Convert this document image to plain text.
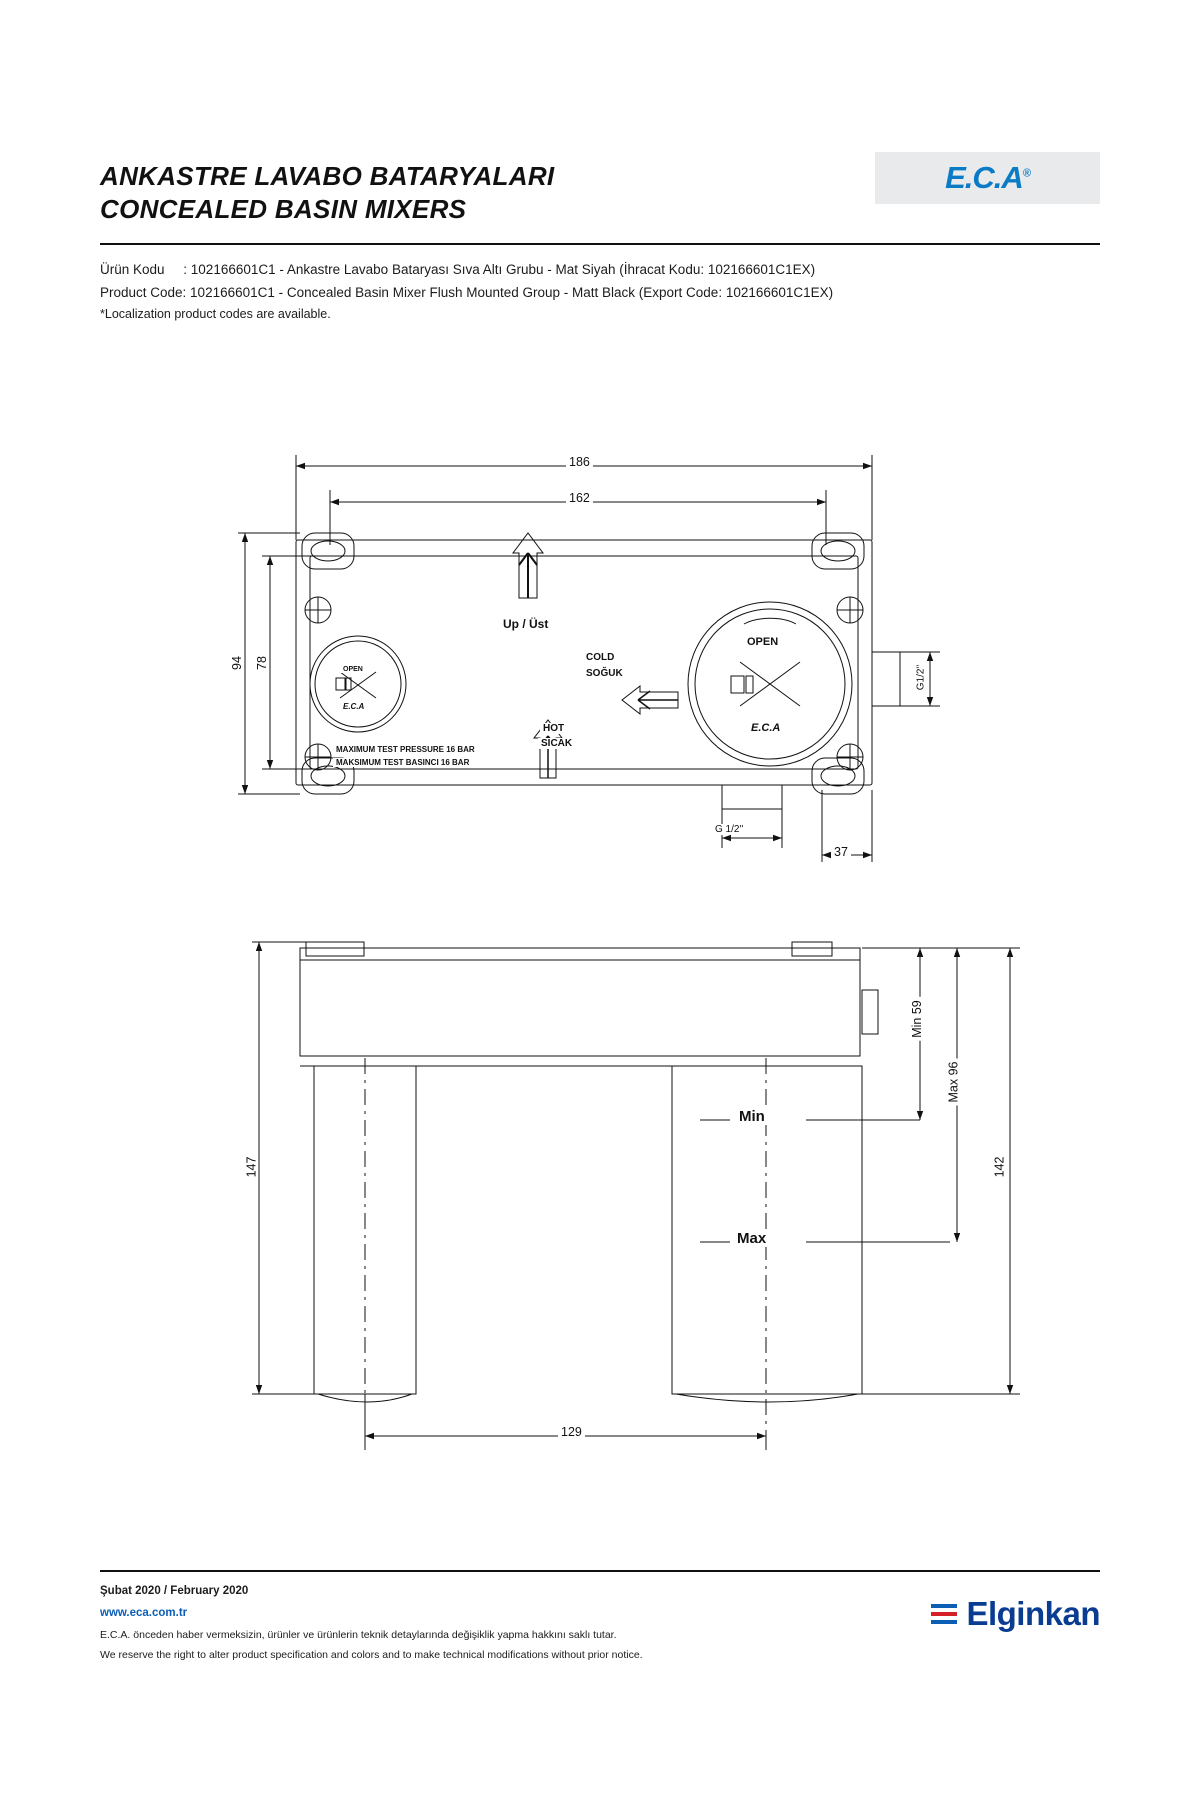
ANKASTRE LAVABO BATARYALARI
CONCEALED BASIN MIXERS
E.C.A®
Ürün Kodu     : 102166601C1 - Ankastre Lavabo Bataryası Sıva Altı Grubu - Mat Siyah (İhracat Kodu: 102166601C1EX)
Product Code: 102166601C1 - Concealed Basin Mixer Flush Mounted Group - Matt Black (Export Code: 102166601C1EX)
*Localization product codes are available.
186
162
94 78
37
G1/2''
G 1/2''
Up / Üst
COLD
SOĞUK
HOT
SICAK
OPEN
OPEN
E.C.A
E.C.A
MAXIMUM TEST PRESSURE 16 BAR
MAKSIMUM TEST BASINCI 16 BAR
147	142
129
Min 59
Max 96
Min
Max
Şubat 2020 / February 2020
www.eca.com.tr
E.C.A. önceden haber vermeksizin, ürünler ve ürünlerin teknik detaylarında değişiklik yapma hakkını saklı tutar.
We reserve the right to alter product specification and colors and to make technical modifications without prior notice.
Elginkan
